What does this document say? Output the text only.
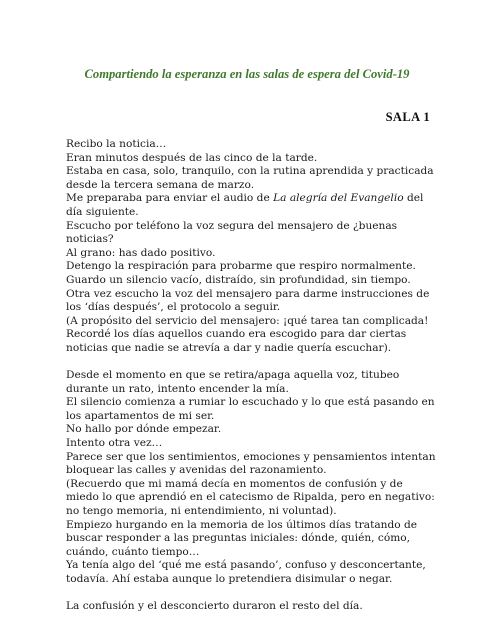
Compartiendo la esperanza en las salas de espera del Covid-19
SALA 1

Recibo la noticia…

Eran minutos después de las cinco de la tarde.

Estaba en casa, solo, tranquilo, con la rutina aprendida y practicada desde la tercera semana de marzo.

Me preparaba para enviar el audio de La alegría del Evangelio del día siguiente.

Escucho por teléfono la voz segura del mensajero de ¿buenas noticias?

Al grano: has dado positivo.

Detengo la respiración para probarme que respiro normalmente.

Guardo un silencio vacío, distraído, sin profundidad, sin tiempo.

Otra vez escucho la voz del mensajero para darme instrucciones de los ‘días después’, el protocolo a seguir.

(A propósito del servicio del mensajero: ¡qué tarea tan complicada!

Recordé los días aquellos cuando era escogido para dar ciertas noticias que nadie se atrevía a dar y nadie quería escuchar).

Desde el momento en que se retira/apaga aquella voz, titubeo durante un rato, intento encender la mía.

El silencio comienza a rumiar lo escuchado y lo que está pasando en los apartamentos de mi ser.

No hallo por dónde empezar.

Intento otra vez…

Parece ser que los sentimientos, emociones y pensamientos intentan bloquear las calles y avenidas del razonamiento.

(Recuerdo que mi mamá decía en momentos de confusión y de miedo lo que aprendió en el catecismo de Ripalda, pero en negativo: no tengo memoria, ni entendimiento, ni voluntad).

Empiezo hurgando en la memoria de los últimos días tratando de buscar responder a las preguntas iniciales: dónde, quién, cómo, cuándo, cuánto tiempo…

Ya tenía algo del ‘qué me está pasando’, confuso y desconcertante, todavía. Ahí estaba aunque lo pretendiera disimular o negar.

La confusión y el desconcierto duraron el resto del día.
